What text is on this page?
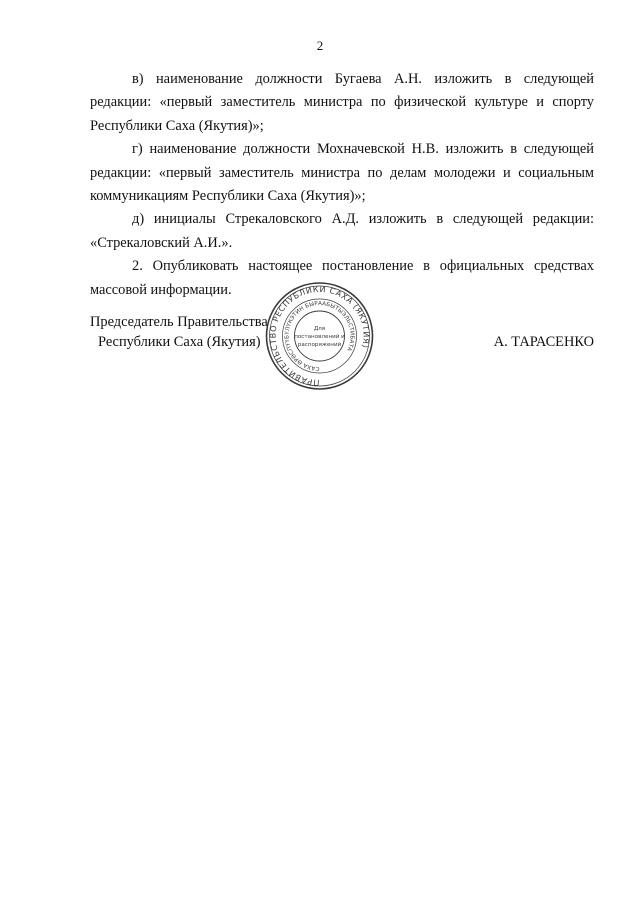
2

в) наименование должности Бугаева А.Н. изложить в следующей редакции: «первый заместитель министра по физической культуре и спорту Республики Саха (Якутия)»;

г) наименование должности Мохначевской Н.В. изложить в следующей редакции: «первый заместитель министра по делам молодежи и социальным коммуникациям Республики Саха (Якутия)»;

д) инициалы Стрекаловского А.Д. изложить в следующей редакции: «Стрекаловский А.И.».

2. Опубликовать настоящее постановление в официальных средствах массовой информации.

Председатель Правительства
Республики Саха (Якутия)	А. ТАРАСЕНКО
ПРАВИТЕЛЬСТВО РЕСПУБЛИКИ САХА (ЯКУТИЯ)
САХА ӨРӨСПҮҮБҮЛҮКЭТИН БЫРААБЫТЫЭЛЬСТИБАТА
Для
постановлений и
распоряжений
